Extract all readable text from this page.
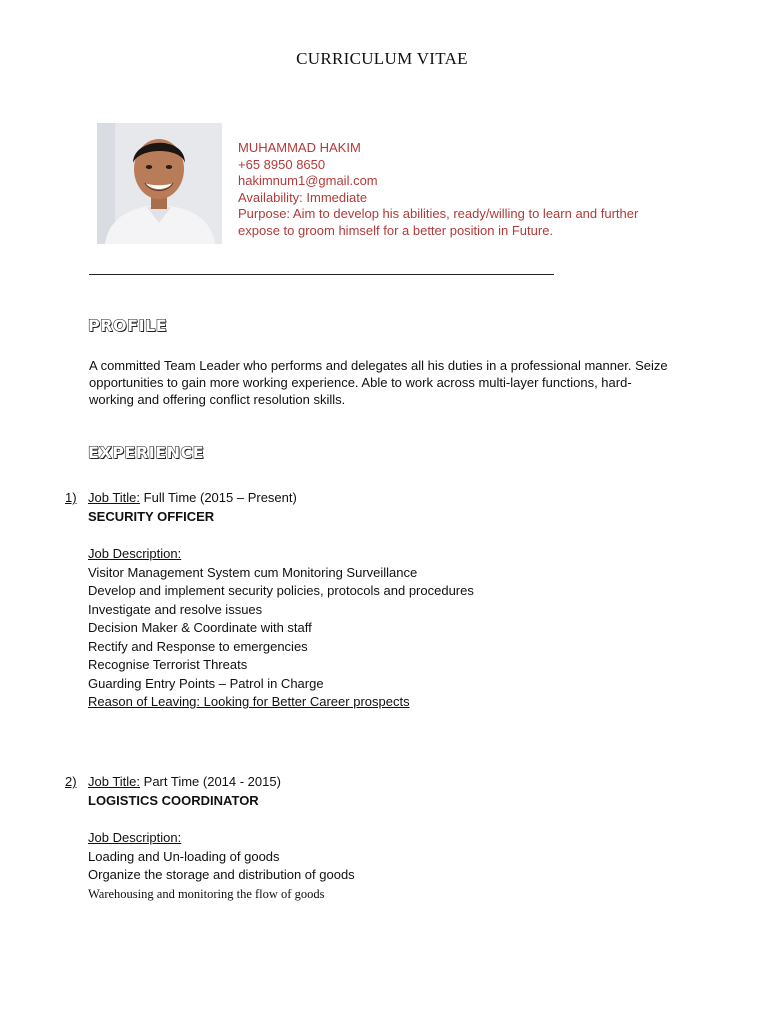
CURRICULUM VITAE
MUHAMMAD HAKIM
+65 8950 8650
hakimnum1@gmail.com
Availability: Immediate
Purpose: Aim to develop his abilities, ready/willing to learn and further expose to groom himself for a better position in Future.
PROFILE
A committed Team Leader who performs and delegates all his duties in a professional manner. Seize opportunities to gain more working experience. Able to work across multi-layer functions, hard-working and offering conflict resolution skills.
EXPERIENCE
1) Job Title: Full Time (2015 – Present)
SECURITY OFFICER
Job Description:
Visitor Management System cum Monitoring Surveillance
Develop and implement security policies, protocols and procedures
Investigate and resolve issues
Decision Maker & Coordinate with staff
Rectify and Response to emergencies
Recognise Terrorist Threats
Guarding Entry Points – Patrol in Charge
Reason of Leaving: Looking for Better Career prospects
2) Job Title: Part Time (2014 - 2015)
LOGISTICS COORDINATOR
Job Description:
Loading and Un-loading of goods
Organize the storage and distribution of goods
Warehousing and monitoring the flow of goods
